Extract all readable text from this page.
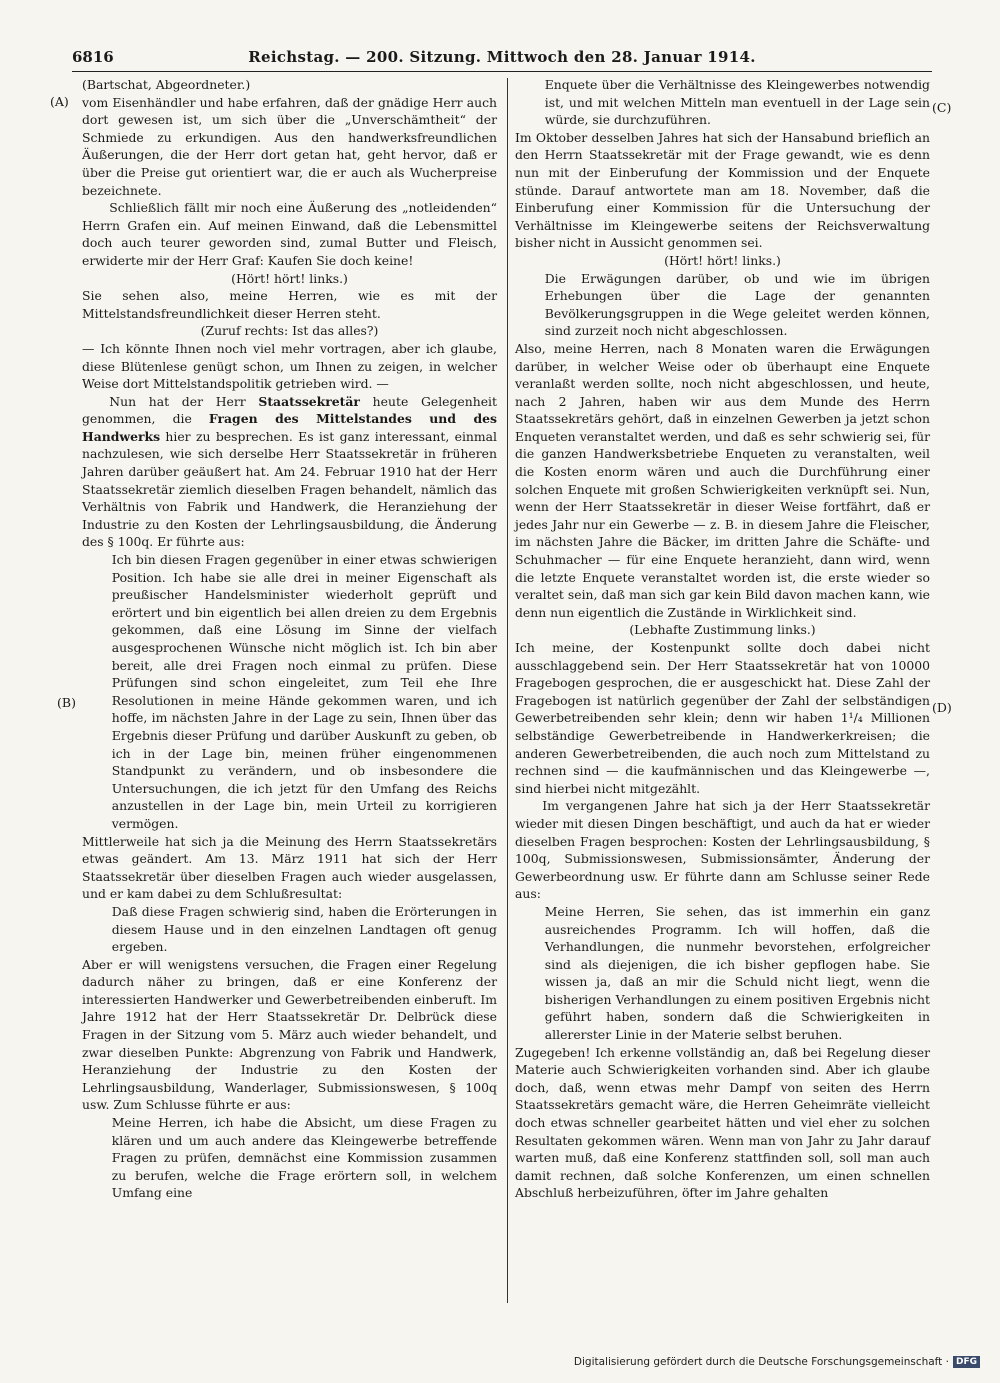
6816	Reichstag. — 200. Sitzung. Mittwoch den 28. Januar 1914.
(A)
(B)
(C)
(D)

(Bartschat, Abgeordneter.)

vom Eisenhändler und habe erfahren, daß der gnädige Herr auch dort gewesen ist, um sich über die „Unverschämtheit“ der Schmiede zu erkundigen. Aus den handwerksfreundlichen Äußerungen, die der Herr dort getan hat, geht hervor, daß er über die Preise gut orientiert war, die er auch als Wucherpreise bezeichnete.

Schließlich fällt mir noch eine Äußerung des „notleidenden“ Herrn Grafen ein. Auf meinen Einwand, daß die Lebensmittel doch auch teurer geworden sind, zumal Butter und Fleisch, erwiderte mir der Herr Graf: Kaufen Sie doch keine!

(Hört! hört! links.)

Sie sehen also, meine Herren, wie es mit der Mittelstandsfreundlichkeit dieser Herren steht.

(Zuruf rechts: Ist das alles?)

— Ich könnte Ihnen noch viel mehr vortragen, aber ich glaube, diese Blütenlese genügt schon, um Ihnen zu zeigen, in welcher Weise dort Mittelstandspolitik getrieben wird. —

Nun hat der Herr Staatssekretär heute Gelegenheit genommen, die Fragen des Mittelstandes und des Handwerks hier zu besprechen. Es ist ganz interessant, einmal nachzulesen, wie sich derselbe Herr Staatssekretär in früheren Jahren darüber geäußert hat. Am 24. Februar 1910 hat der Herr Staatssekretär ziemlich dieselben Fragen behandelt, nämlich das Verhältnis von Fabrik und Handwerk, die Heranziehung der Industrie zu den Kosten der Lehrlingsausbildung, die Änderung des § 100q. Er führte aus:

Ich bin diesen Fragen gegenüber in einer etwas schwierigen Position. Ich habe sie alle drei in meiner Eigenschaft als preußischer Handelsminister wiederholt geprüft und erörtert und bin eigentlich bei allen dreien zu dem Ergebnis gekommen, daß eine Lösung im Sinne der vielfach ausgesprochenen Wünsche nicht möglich ist. Ich bin aber bereit, alle drei Fragen noch einmal zu prüfen. Diese Prüfungen sind schon eingeleitet, zum Teil ehe Ihre Resolutionen in meine Hände gekommen waren, und ich hoffe, im nächsten Jahre in der Lage zu sein, Ihnen über das Ergebnis dieser Prüfung und darüber Auskunft zu geben, ob ich in der Lage bin, meinen früher eingenommenen Standpunkt zu verändern, und ob insbesondere die Untersuchungen, die ich jetzt für den Umfang des Reichs anzustellen in der Lage bin, mein Urteil zu korrigieren vermögen.

Mittlerweile hat sich ja die Meinung des Herrn Staatssekretärs etwas geändert. Am 13. März 1911 hat sich der Herr Staatssekretär über dieselben Fragen auch wieder ausgelassen, und er kam dabei zu dem Schlußresultat:

Daß diese Fragen schwierig sind, haben die Erörterungen in diesem Hause und in den einzelnen Landtagen oft genug ergeben.

Aber er will wenigstens versuchen, die Fragen einer Regelung dadurch näher zu bringen, daß er eine Konferenz der interessierten Handwerker und Gewerbetreibenden einberuft. Im Jahre 1912 hat der Herr Staatssekretär Dr. Delbrück diese Fragen in der Sitzung vom 5. März auch wieder behandelt, und zwar dieselben Punkte: Abgrenzung von Fabrik und Handwerk, Heranziehung der Industrie zu den Kosten der Lehrlingsausbildung, Wanderlager, Submissionswesen, § 100q usw. Zum Schlusse führte er aus:

Meine Herren, ich habe die Absicht, um diese Fragen zu klären und um auch andere das Kleingewerbe betreffende Fragen zu prüfen, demnächst eine Kommission zusammen zu berufen, welche die Frage erörtern soll, in welchem Umfang eine

Enquete über die Verhältnisse des Kleingewerbes notwendig ist, und mit welchen Mitteln man eventuell in der Lage sein würde, sie durchzuführen.

Im Oktober desselben Jahres hat sich der Hansabund brieflich an den Herrn Staatssekretär mit der Frage gewandt, wie es denn nun mit der Einberufung der Kommission und der Enquete stünde. Darauf antwortete man am 18. November, daß die Einberufung einer Kommission für die Untersuchung der Verhältnisse im Kleingewerbe seitens der Reichsverwaltung bisher nicht in Aussicht genommen sei.

(Hört! hört! links.)

Die Erwägungen darüber, ob und wie im übrigen Erhebungen über die Lage der genannten Bevölkerungsgruppen in die Wege geleitet werden können, sind zurzeit noch nicht abgeschlossen.

Also, meine Herren, nach 8 Monaten waren die Erwägungen darüber, in welcher Weise oder ob überhaupt eine Enquete veranlaßt werden sollte, noch nicht abgeschlossen, und heute, nach 2 Jahren, haben wir aus dem Munde des Herrn Staatssekretärs gehört, daß in einzelnen Gewerben ja jetzt schon Enqueten veranstaltet werden, und daß es sehr schwierig sei, für die ganzen Handwerksbetriebe Enqueten zu veranstalten, weil die Kosten enorm wären und auch die Durchführung einer solchen Enquete mit großen Schwierigkeiten verknüpft sei. Nun, wenn der Herr Staatssekretär in dieser Weise fortfährt, daß er jedes Jahr nur ein Gewerbe — z. B. in diesem Jahre die Fleischer, im nächsten Jahre die Bäcker, im dritten Jahre die Schäfte- und Schuhmacher — für eine Enquete heranzieht, dann wird, wenn die letzte Enquete veranstaltet worden ist, die erste wieder so veraltet sein, daß man sich gar kein Bild davon machen kann, wie denn nun eigentlich die Zustände in Wirklichkeit sind.

(Lebhafte Zustimmung links.)

Ich meine, der Kostenpunkt sollte doch dabei nicht ausschlaggebend sein. Der Herr Staatssekretär hat von 10000 Fragebogen gesprochen, die er ausgeschickt hat. Diese Zahl der Fragebogen ist natürlich gegenüber der Zahl der selbständigen Gewerbetreibenden sehr klein; denn wir haben 1¹/₄ Millionen selbständige Gewerbetreibende in Handwerkerkreisen; die anderen Gewerbetreibenden, die auch noch zum Mittelstand zu rechnen sind — die kaufmännischen und das Kleingewerbe —, sind hierbei nicht mitgezählt.

Im vergangenen Jahre hat sich ja der Herr Staatssekretär wieder mit diesen Dingen beschäftigt, und auch da hat er wieder dieselben Fragen besprochen: Kosten der Lehrlingsausbildung, § 100q, Submissionswesen, Submissionsämter, Änderung der Gewerbeordnung usw. Er führte dann am Schlusse seiner Rede aus:

Meine Herren, Sie sehen, das ist immerhin ein ganz ausreichendes Programm. Ich will hoffen, daß die Verhandlungen, die nunmehr bevorstehen, erfolgreicher sind als diejenigen, die ich bisher gepflogen habe. Sie wissen ja, daß an mir die Schuld nicht liegt, wenn die bisherigen Verhandlungen zu einem positiven Ergebnis nicht geführt haben, sondern daß die Schwierigkeiten in allererster Linie in der Materie selbst beruhen.

Zugegeben! Ich erkenne vollständig an, daß bei Regelung dieser Materie auch Schwierigkeiten vorhanden sind. Aber ich glaube doch, daß, wenn etwas mehr Dampf von seiten des Herrn Staatssekretärs gemacht wäre, die Herren Geheimräte vielleicht doch etwas schneller gearbeitet hätten und viel eher zu solchen Resultaten gekommen wären. Wenn man von Jahr zu Jahr darauf warten muß, daß eine Konferenz stattfinden soll, soll man auch damit rechnen, daß solche Konferenzen, um einen schnellen Abschluß herbeizuführen, öfter im Jahre gehalten

Digitalisierung gefördert durch die Deutsche Forschungsgemeinschaft · DFG
